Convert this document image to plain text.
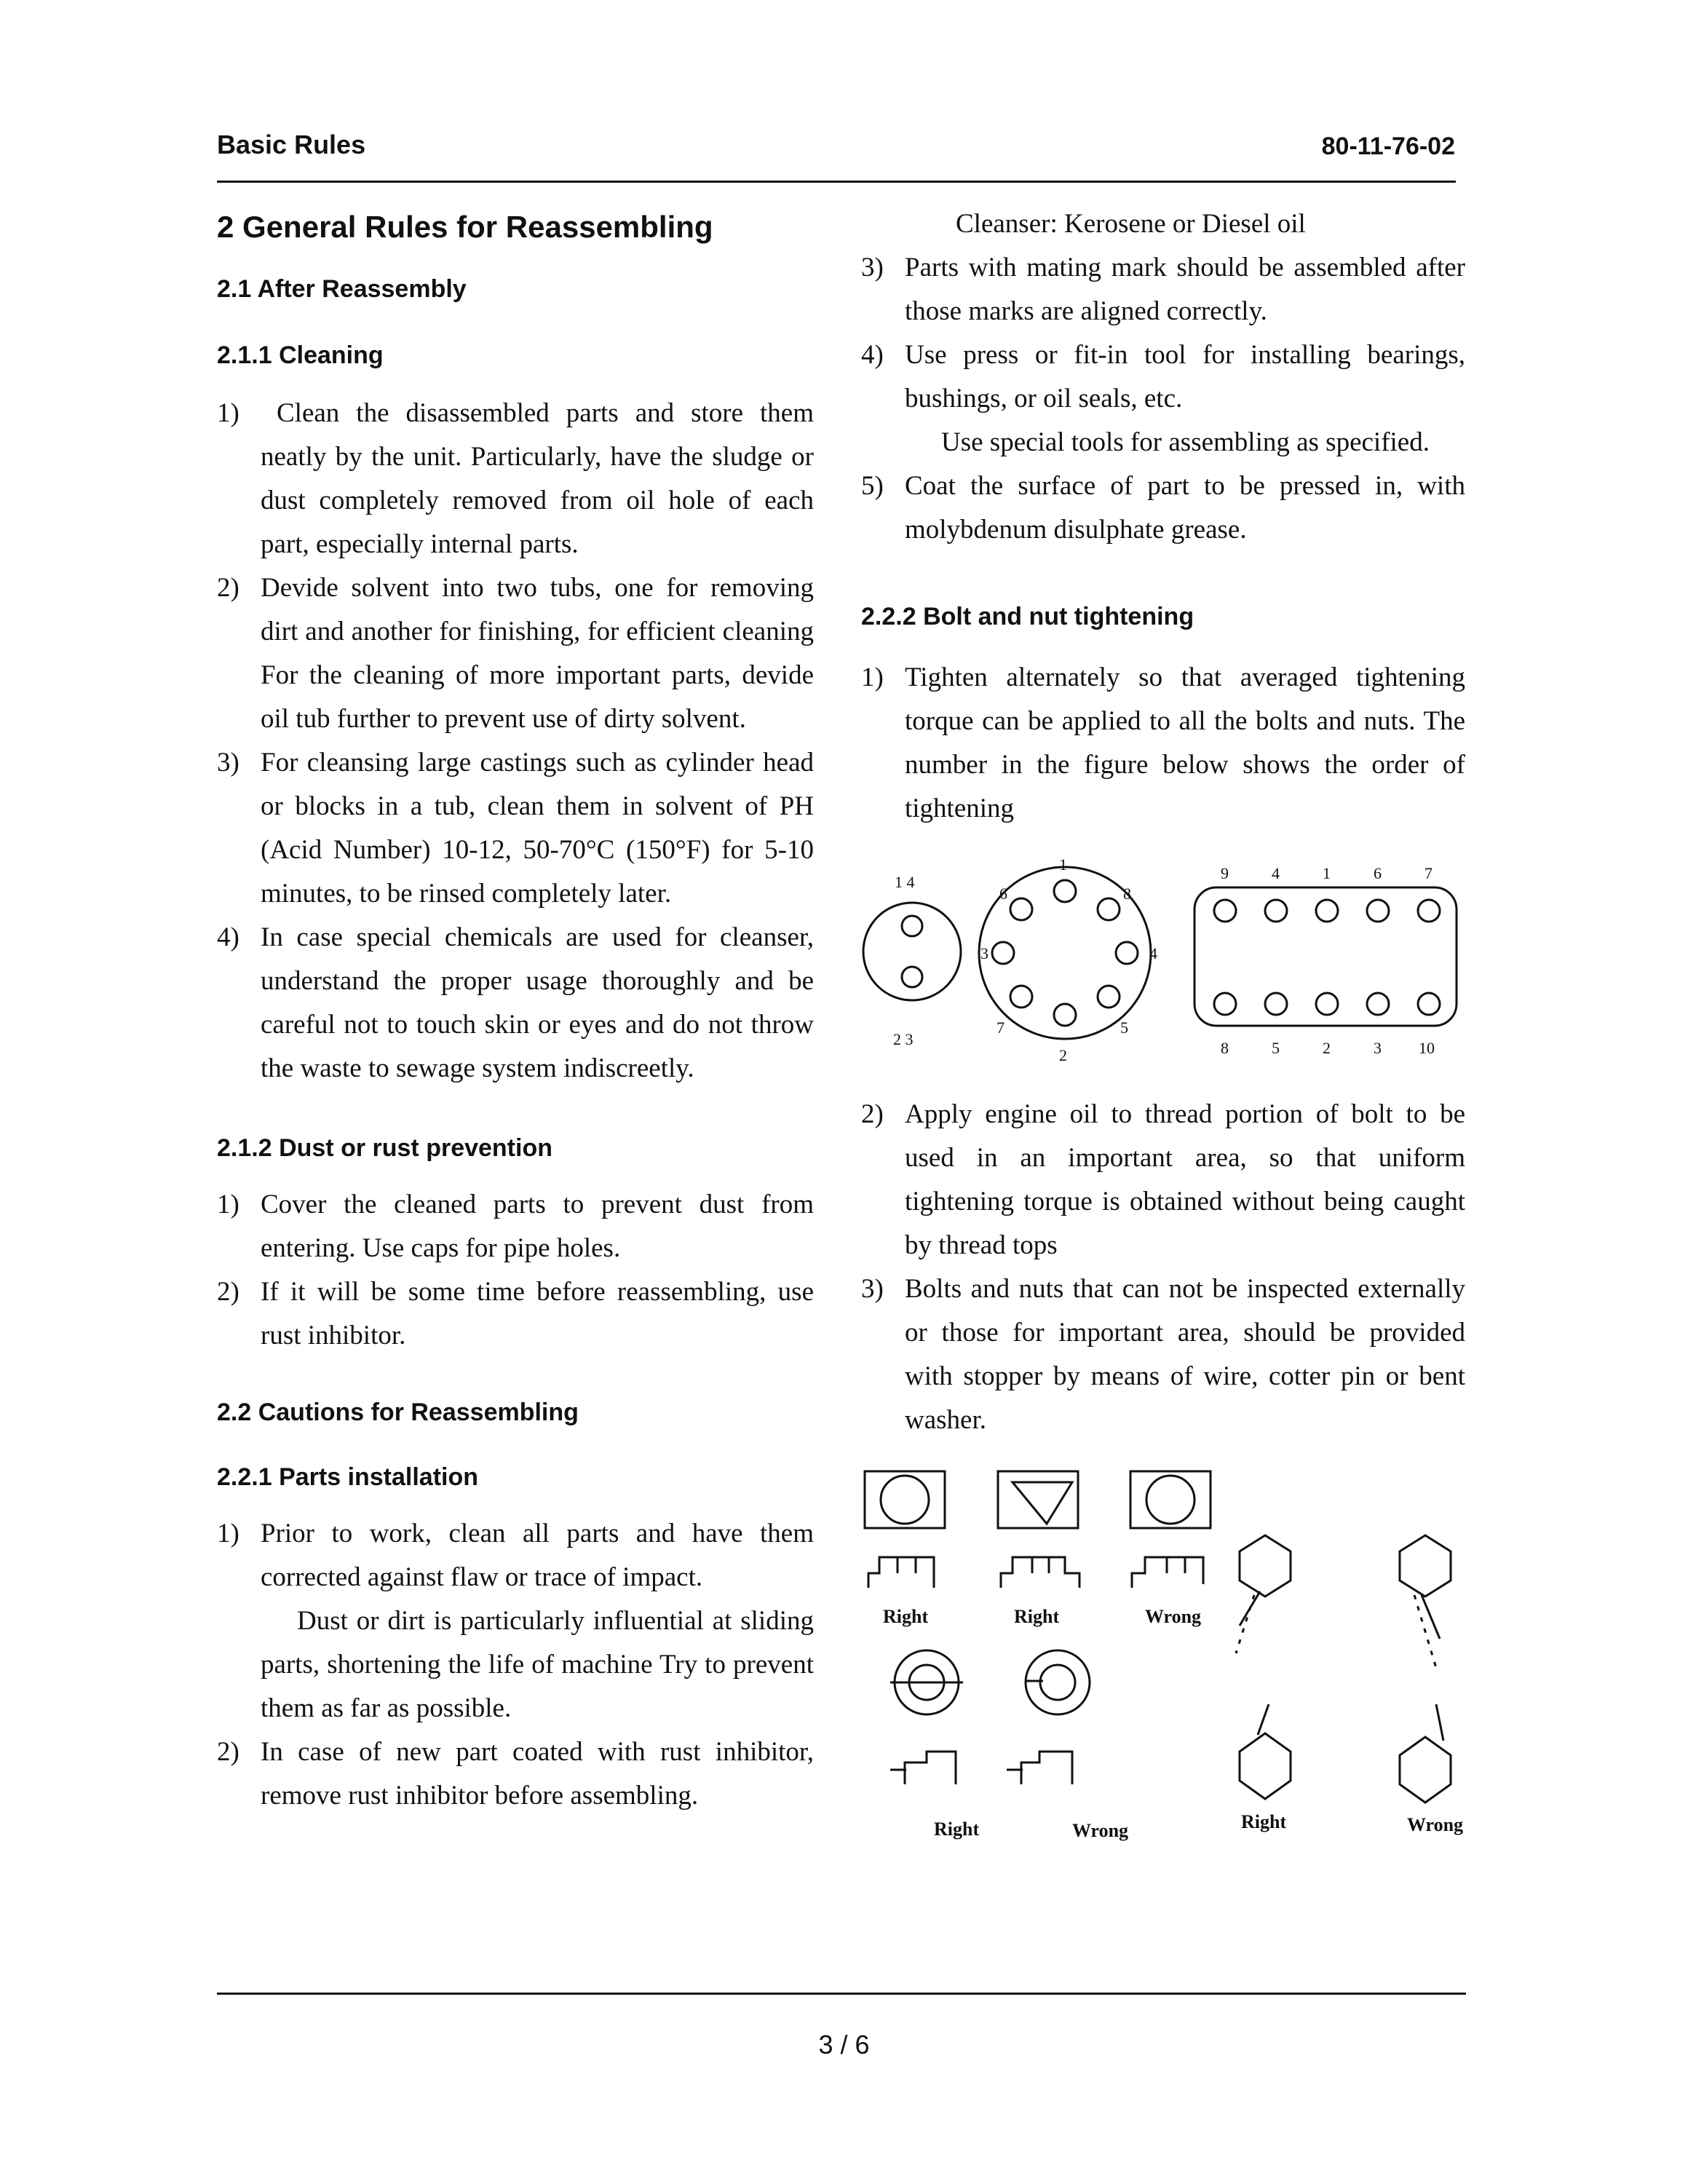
Basic Rules	80-11-76-02
2 General Rules for Reassembling
2.1 After Reassembly
2.1.1 Cleaning
1)	Clean the disassembled parts and store them neatly by the unit. Particularly, have the sludge or dust completely removed from oil hole of each part, especially internal parts.
2) Devide solvent into two tubs, one for removing dirt and another for finishing, for efficient cleaning For the cleaning of more important parts, devide oil tub further to prevent use of dirty solvent.
3) For cleansing large castings such as cylinder head or blocks in a tub, clean them in solvent of PH (Acid Number) 10-12, 50-70°C (150°F) for 5-10 minutes, to be rinsed completely later.
4) In case special chemicals are used for cleanser, understand the proper usage thoroughly and be careful not to touch skin or eyes and do not throw the waste to sewage system indiscreetly.
2.1.2 Dust or rust prevention
1) Cover the cleaned parts to prevent dust from entering. Use caps for pipe holes.
2) If it will be some time before reassembling, use rust inhibitor.
2.2 Cautions for Reassembling
2.2.1 Parts installation
1) Prior to work, clean all parts and have them corrected against flaw or trace of impact.
Dust or dirt is particularly influential at sliding parts, shortening the life of machine Try to prevent them as far as possible.
2) In case of new part coated with rust inhibitor, remove rust inhibitor before assembling.
Cleanser: Kerosene or Diesel oil
3) Parts with mating mark should be assembled after those marks are aligned correctly.
4) Use press or fit-in tool for installing bearings, bushings, or oil seals, etc.
Use special tools for assembling as specified.
5) Coat the surface of part to be pressed in, with molybdenum disulphate grease.
2.2.2 Bolt and nut tightening
1) Tighten alternately so that averaged tightening torque can be applied to all the bolts and nuts. The number in the figure below shows the order of tightening
1 4
2 3
1
8
4
5
2
7
3
6
9	4	1	6	7
8	5	2	3 10
2) Apply engine oil to thread portion of bolt to be used in an important area, so that uniform tightening torque is obtained without being caught by thread tops
3) Bolts and nuts that can not be inspected externally or those for important area, should be provided with stopper by means of wire, cotter pin or bent washer.
Right	Right	Wrong
Right	Wrong	Right	Wrong
3 / 6
